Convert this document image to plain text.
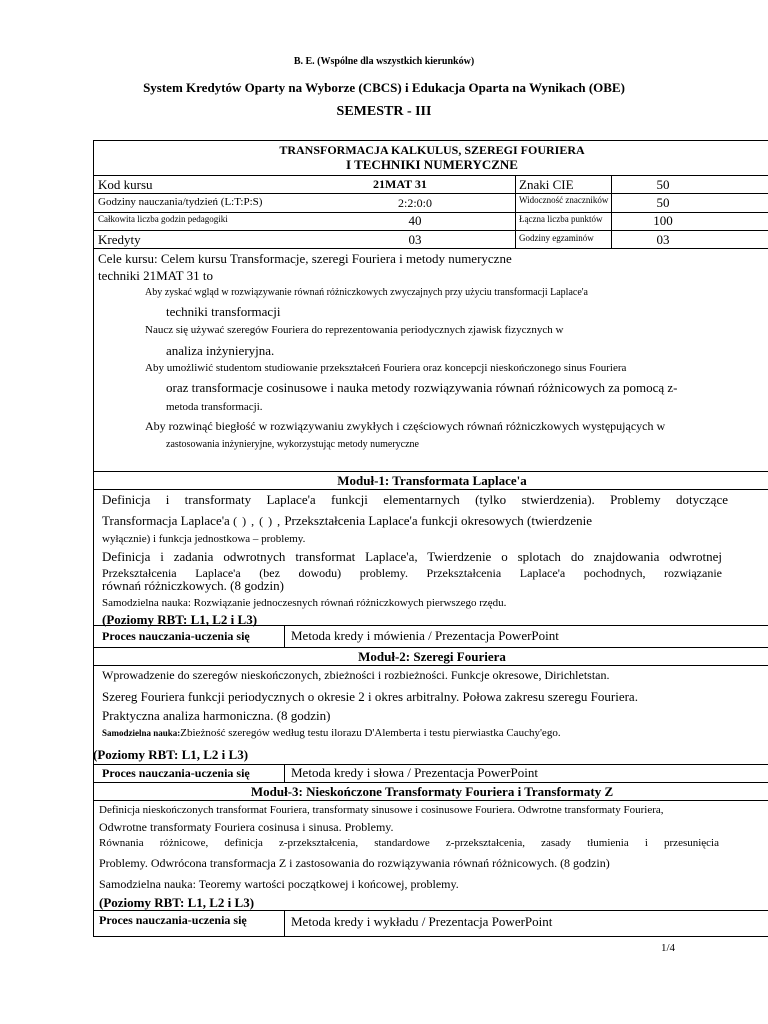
B. E. (Wspólne dla wszystkich kierunków)
System Kredytów Oparty na Wyborze (CBCS) i Edukacja Oparta na Wynikach (OBE)
SEMESTR - III
TRANSFORMACJA KALKULUS, SZEREGI FOURIERA
I TECHNIKI NUMERYCZNE
Kod kursu	21MAT 31	Znaki CIE	50
Godziny nauczania/tydzień (L:T:P:S)	2:2:0:0	Widoczność znaczników	50
Całkowita liczba godzin pedagogiki	40	Łączna liczba punktów	100
Kredyty	03	Godziny egzaminów	03
Cele kursu: Celem kursu Transformacje, szeregi Fouriera i metody numeryczne
techniki 21MAT 31 to
Aby zyskać wgląd w rozwiązywanie równań różniczkowych zwyczajnych przy użyciu transformacji Laplace'a
techniki transformacji
Naucz się używać szeregów Fouriera do reprezentowania periodycznych zjawisk fizycznych w
analiza inżynieryjna.
Aby umożliwić studentom studiowanie przekształceń Fouriera oraz koncepcji nieskończonego sinus Fouriera
oraz transformacje cosinusowe i nauka metody rozwiązywania równań różnicowych za pomocą z-
metoda transformacji.
Aby rozwinąć biegłość w rozwiązywaniu zwykłych i częściowych równań różniczkowych występujących w
zastosowania inżynieryjne, wykorzystując metody numeryczne
Moduł-1: Transformata Laplace'a
Definicja i transformaty Laplace'a funkcji elementarnych (tylko stwierdzenia). Problemy dotyczące
Transformacja Laplace'a ( ) , ( ) , Przekształcenia Laplace'a funkcji okresowych (twierdzenie
wyłącznie) i funkcja jednostkowa – problemy.
Definicja i zadania odwrotnych transformat Laplace'a, Twierdzenie o splotach do znajdowania odwrotnej
Przekształcenia Laplace'a (bez dowodu) problemy. Przekształcenia Laplace'a pochodnych, rozwiązanie
równań różniczkowych. (8 godzin)
Samodzielna nauka: Rozwiązanie jednoczesnych równań różniczkowych pierwszego rzędu.
(Poziomy RBT: L1, L2 i L3)
Proces nauczania-uczenia się	Metoda kredy i mówienia / Prezentacja PowerPoint
Moduł-2: Szeregi Fouriera
Wprowadzenie do szeregów nieskończonych, zbieżności i rozbieżności. Funkcje okresowe, Dirichletstan.
Szereg Fouriera funkcji periodycznych o okresie 2 i okres arbitralny. Połowa zakresu szeregu Fouriera.
Praktyczna analiza harmoniczna. (8 godzin)
Samodzielna nauka:Zbieżność szeregów według testu ilorazu D'Alemberta i testu pierwiastka Cauchy'ego.
(Poziomy RBT: L1, L2 i L3)
Proces nauczania-uczenia się	Metoda kredy i słowa / Prezentacja PowerPoint
Moduł-3: Nieskończone Transformaty Fouriera i Transformaty Z
Definicja nieskończonych transformat Fouriera, transformaty sinusowe i cosinusowe Fouriera. Odwrotne transformaty Fouriera,
Odwrotne transformaty Fouriera cosinusa i sinusa. Problemy.
Równania różnicowe, definicja z-przekształcenia, standardowe z-przekształcenia, zasady tłumienia i przesunięcia
Problemy. Odwrócona transformacja Z i zastosowania do rozwiązywania równań różnicowych. (8 godzin)
Samodzielna nauka: Teoremy wartości początkowej i końcowej, problemy.
(Poziomy RBT: L1, L2 i L3)
Proces nauczania-uczenia się	Metoda kredy i wykładu / Prezentacja PowerPoint
1/4
